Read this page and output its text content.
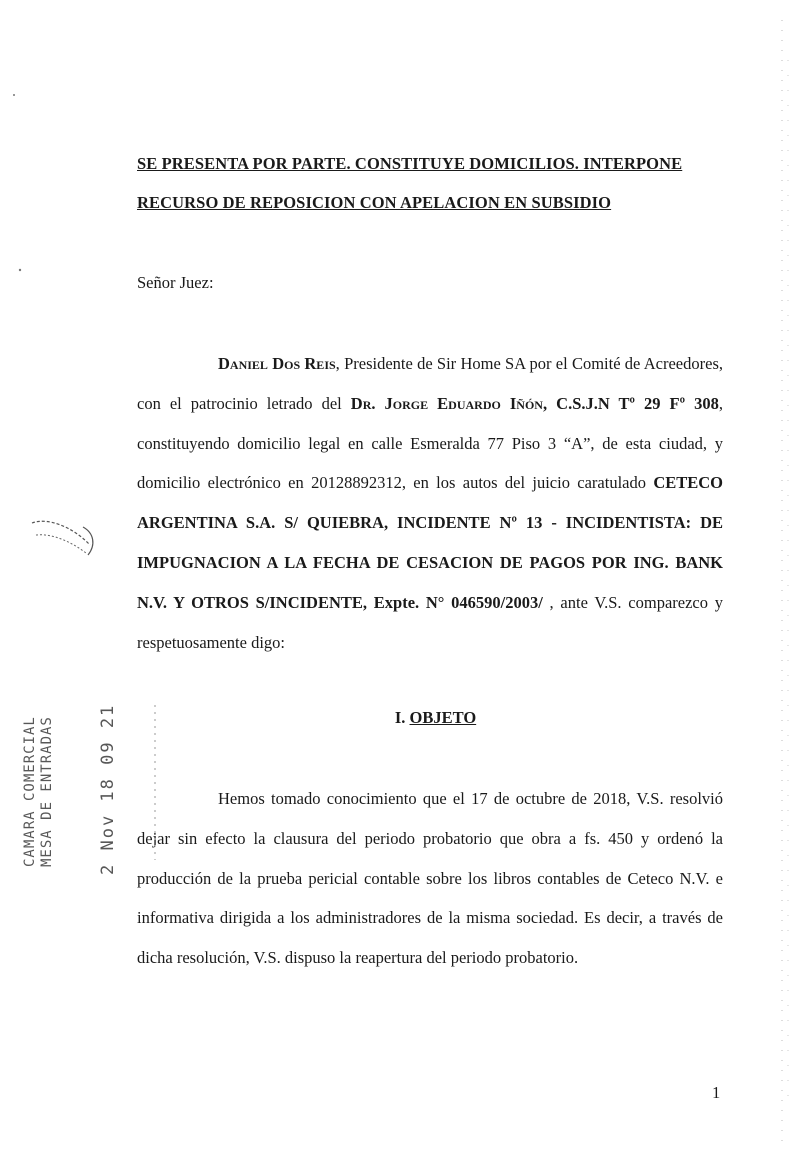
SE PRESENTA POR PARTE. CONSTITUYE DOMICILIOS. INTERPONE
RECURSO DE REPOSICION CON APELACION EN SUBSIDIO
Señor Juez:
Daniel Dos Reis, Presidente de Sir Home SA por el Comité de Acreedores, con el patrocinio letrado del Dr. Jorge Eduardo Iñón, C.S.J.N Tº 29 Fº 308, constituyendo domicilio legal en calle Esmeralda 77 Piso 3 “A”, de esta ciudad, y domicilio electrónico en 20128892312, en los autos del juicio caratulado CETECO ARGENTINA S.A. S/ QUIEBRA, INCIDENTE Nº 13 - INCIDENTISTA: DE IMPUGNACION A LA FECHA DE CESACION DE PAGOS POR ING. BANK N.V. Y OTROS S/INCIDENTE, Expte. N° 046590/2003/ , ante V.S. comparezco y respetuosamente digo:
I. OBJETO
Hemos tomado conocimiento que el 17 de octubre de 2018, V.S. resolvió dejar sin efecto la clausura del periodo probatorio que obra a fs. 450 y ordenó la producción de la prueba pericial contable sobre los libros contables de Ceteco N.V. e informativa dirigida a los administradores de la misma sociedad. Es decir, a través de dicha resolución, V.S. dispuso la reapertura del periodo probatorio.
1
CAMARA COMERCIAL MESA DE ENTRADAS	2 Nov 18 09 21
